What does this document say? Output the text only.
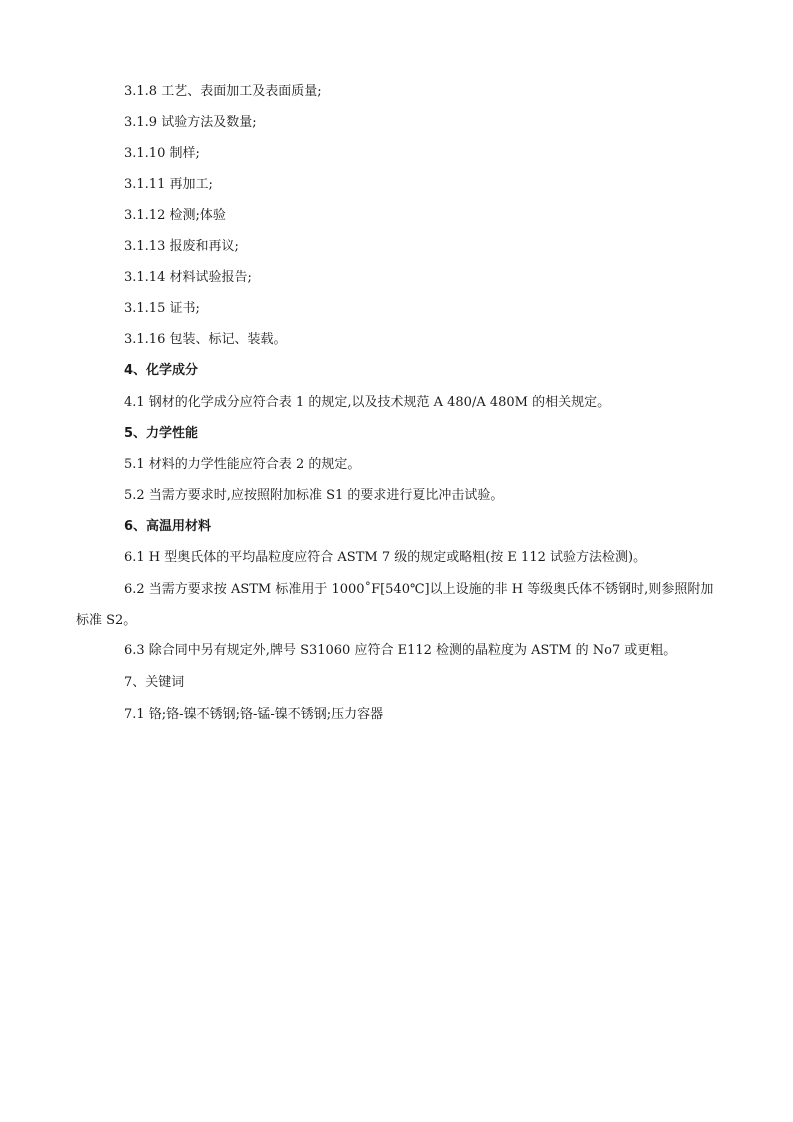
3.1.8 工艺、表面加工及表面质量;
3.1.9 试验方法及数量;
3.1.10 制样;
3.1.11 再加工;
3.1.12 检测;体验
3.1.13 报废和再议;
3.1.14 材料试验报告;
3.1.15 证书;
3.1.16 包装、标记、装载。
4、化学成分
4.1 钢材的化学成分应符合表 1 的规定,以及技术规范 A 480/A 480M 的相关规定。
5、力学性能
5.1 材料的力学性能应符合表 2 的规定。
5.2 当需方要求时,应按照附加标准 S1 的要求进行夏比冲击试验。
6、高温用材料
6.1 H 型奥氏体的平均晶粒度应符合 ASTM 7 级的规定或略粗(按 E 112 试验方法检测)。
6.2 当需方要求按 ASTM 标准用于 1000˚F[540℃]以上设施的非 H 等级奥氏体不锈钢时,则参照附加标准 S2。
6.3 除合同中另有规定外,牌号 S31060 应符合 E112 检测的晶粒度为 ASTM 的 No7 或更粗。
7、关键词
7.1 铬;铬-镍不锈钢;铬-锰-镍不锈钢;压力容器
